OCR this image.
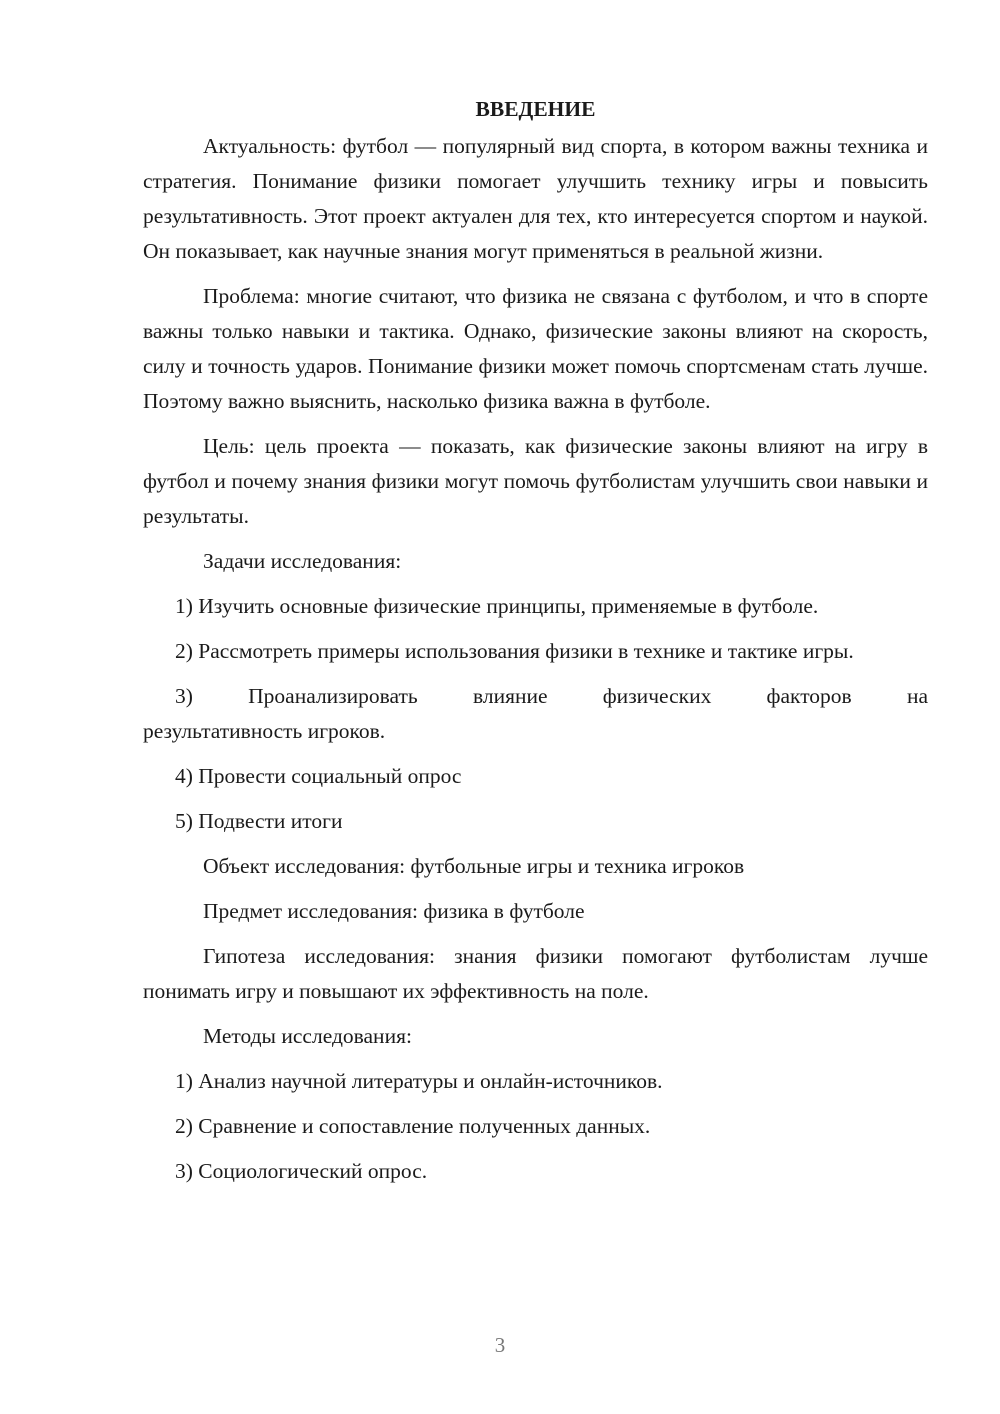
ВВЕДЕНИЕ

Актуальность: футбол — популярный вид спорта, в котором важны техника и стратегия. Понимание физики помогает улучшить технику игры и повысить результативность. Этот проект актуален для тех, кто интересуется спортом и наукой. Он показывает, как научные знания могут применяться в реальной жизни.

Проблема: многие считают, что физика не связана с футболом, и что в спорте важны только навыки и тактика. Однако, физические законы влияют на скорость, силу и точность ударов. Понимание физики может помочь спортсменам стать лучше. Поэтому важно выяснить, насколько физика важна в футболе.

Цель: цель проекта — показать, как физические законы влияют на игру в футбол и почему знания физики могут помочь футболистам улучшить свои навыки и результаты.

Задачи исследования:
1) Изучить основные физические принципы, применяемые в футболе.

2) Рассмотреть примеры использования физики в технике и тактике игры.

3) Проанализировать влияние физических факторов на
результативность игроков.
4) Провести социальный опрос
5) Подвести итоги
Объект исследования: футбольные игры и техника игроков
Предмет исследования: физика в футболе

Гипотеза исследования: знания физики помогают футболистам лучше понимать игру и повышают их эффективность на поле.

Методы исследования:
1) Анализ научной литературы и онлайн-источников.
2) Сравнение и сопоставление полученных данных.
3) Социологический опрос.
3
